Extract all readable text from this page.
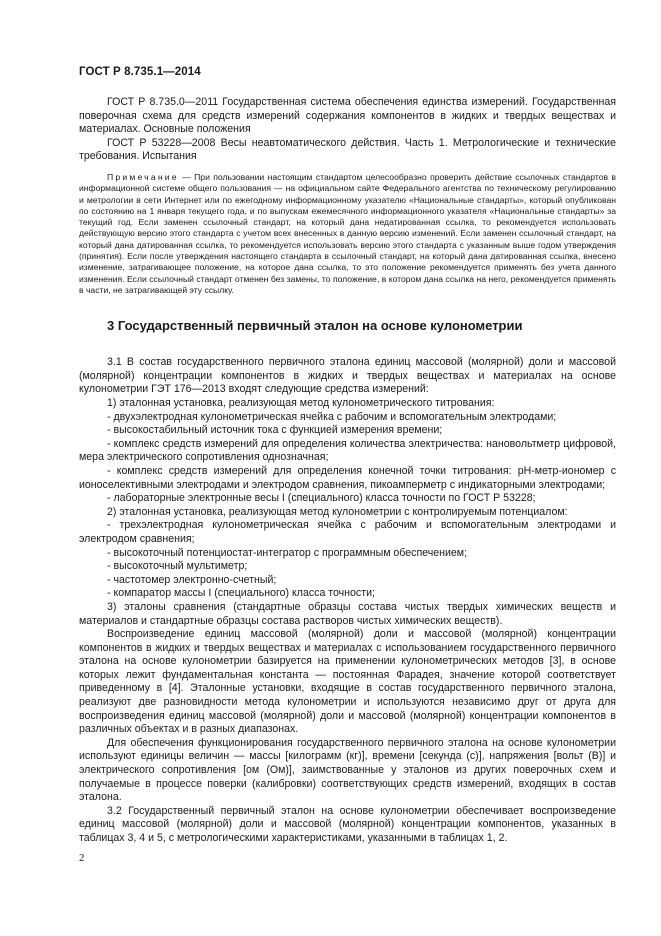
ГОСТ Р 8.735.1—2014

ГОСТ Р 8.735.0—2011 Государственная система обеспечения единства измерений. Государственная поверочная схема для средств измерений содержания компонентов в жидких и твердых веществах и материалах. Основные положения

ГОСТ Р 53228—2008 Весы неавтоматического действия. Часть 1. Метрологические и технические требования. Испытания

Примечание — При пользовании настоящим стандартом целесообразно проверить действие ссылочных стандартов в информационной системе общего пользования — на официальном сайте Федерального агентства по техническому регулированию и метрологии в сети Интернет или по ежегодному информационному указателю «Национальные стандарты», который опубликован по состоянию на 1 января текущего года, и по выпускам ежемесячного информационного указателя «Национальные стандарты» за текущий год. Если заменен ссылочный стандарт, на который дана недатированная ссылка, то рекомендуется использовать действующую версию этого стандарта с учетом всех внесенных в данную версию изменений. Если заменен ссылочный стандарт, на который дана датированная ссылка, то рекомендуется использовать версию этого стандарта с указанным выше годом утверждения (принятия). Если после утверждения настоящего стандарта в ссылочный стандарт, на который дана датированная ссылка, внесено изменение, затрагивающее положение, на которое дана ссылка, то это положение рекомендуется применять без учета данного изменения. Если ссылочный стандарт отменен без замены, то положение, в котором дана ссылка на него, рекомендуется применять в части, не затрагивающей эту ссылку.

3 Государственный первичный эталон на основе кулонометрии

3.1 В состав государственного первичного эталона единиц массовой (молярной) доли и массовой (молярной) концентрации компонентов в жидких и твердых веществах и материалах на основе кулонометрии ГЭТ 176—2013 входят следующие средства измерений:

1) эталонная установка, реализующая метод кулонометрического титрования:

- двухэлектродная кулонометрическая ячейка с рабочим и вспомогательным электродами;

- высокостабильный источник тока с функцией измерения времени;

- комплекс средств измерений для определения количества электричества: нановольтметр цифровой, мера электрического сопротивления однозначная;

- комплекс средств измерений для определения конечной точки титрования: pH-метр-иономер с ионоселективными электродами и электродом сравнения, пикоамперметр с индикаторными электродами;

- лабораторные электронные весы I (специального) класса точности по ГОСТ Р 53228;

2) эталонная установка, реализующая метод кулонометрии с контролируемым потенциалом:

- трехэлектродная кулонометрическая ячейка с рабочим и вспомогательным электродами и электродом сравнения;

- высокоточный потенциостат-интегратор с программным обеспечением;

- высокоточный мультиметр;

- частотомер электронно-счетный;

- компаратор массы I (специального) класса точности;

3) эталоны сравнения (стандартные образцы состава чистых твердых химических веществ и материалов и стандартные образцы состава растворов чистых химических веществ).

Воспроизведение единиц массовой (молярной) доли и массовой (молярной) концентрации компонентов в жидких и твердых веществах и материалах с использованием государственного первичного эталона на основе кулонометрии базируется на применении кулонометрических методов [3], в основе которых лежит фундаментальная константа — постоянная Фарадея, значение которой соответствует приведенному в [4]. Эталонные установки, входящие в состав государственного первичного эталона, реализуют две разновидности метода кулонометрии и используются независимо друг от друга для воспроизведения единиц массовой (молярной) доли и массовой (молярной) концентрации компонентов в различных объектах и в разных диапазонах.

Для обеспечения функционирования государственного первичного эталона на основе кулонометрии используют единицы величин — массы [килограмм (кг)], времени [секунда (с)], напряжения [вольт (В)] и электрического сопротивления [ом (Ом)], заимствованные у эталонов из других поверочных схем и получаемые в процессе поверки (калибровки) соответствующих средств измерений, входящих в состав эталона.

3.2 Государственный первичный эталон на основе кулонометрии обеспечивает воспроизведение единиц массовой (молярной) доли и массовой (молярной) концентрации компонентов, указанных в таблицах 3, 4 и 5, с метрологическими характеристиками, указанными в таблицах 1, 2.

2
